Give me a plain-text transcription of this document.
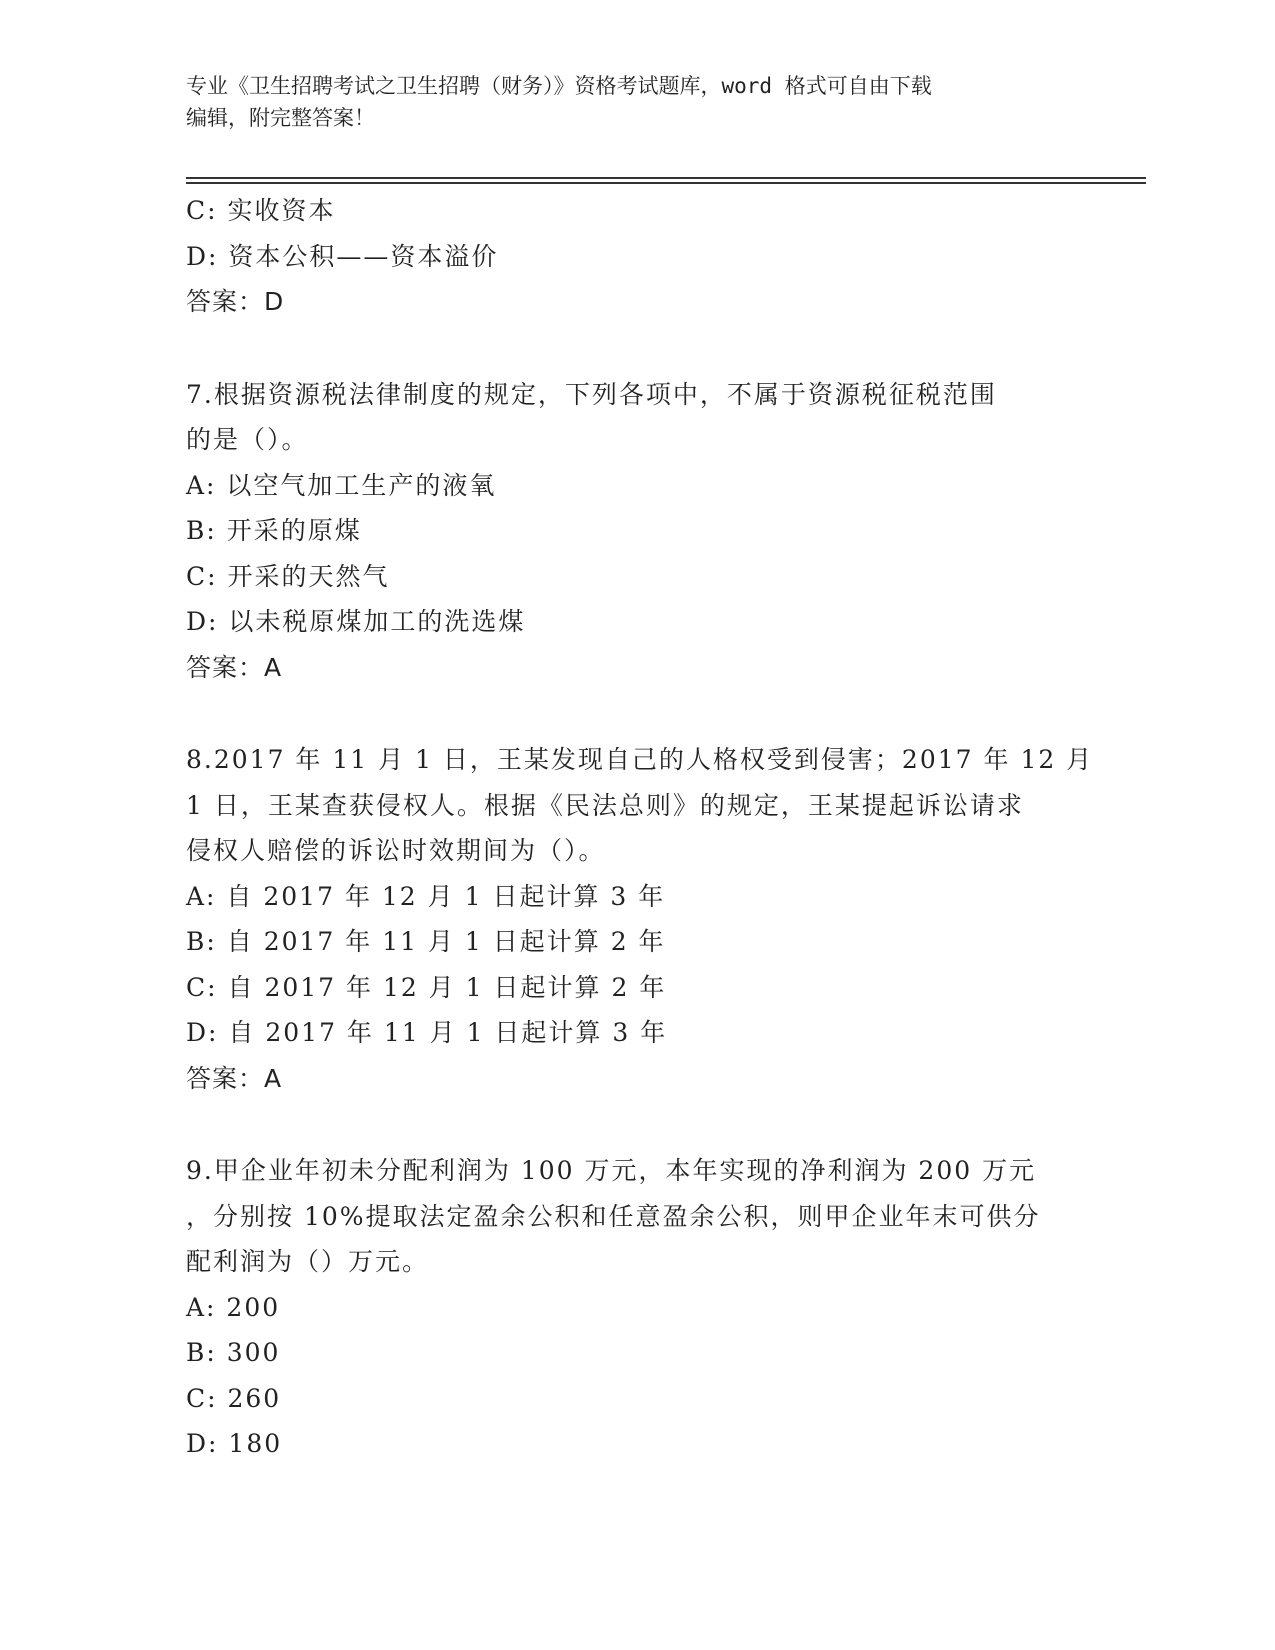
专业《卫生招聘考试之卫生招聘（财务）》资格考试题库，word 格式可自由下载
编辑，附完整答案！
C: 实收资本
D: 资本公积——资本溢价
答案：D
7.根据资源税法律制度的规定，下列各项中，不属于资源税征税范围
的是（）。
A: 以空气加工生产的液氧
B: 开采的原煤
C: 开采的天然气
D: 以未税原煤加工的洗选煤
答案：A
8.2017 年 11 月 1 日，王某发现自己的人格权受到侵害；2017 年 12 月
1 日，王某查获侵权人。根据《民法总则》的规定，王某提起诉讼请求
侵权人赔偿的诉讼时效期间为（）。
A: 自 2017 年 12 月 1 日起计算 3 年
B: 自 2017 年 11 月 1 日起计算 2 年
C: 自 2017 年 12 月 1 日起计算 2 年
D: 自 2017 年 11 月 1 日起计算 3 年
答案：A
9.甲企业年初未分配利润为 100 万元，本年实现的净利润为 200 万元
，分别按 10%提取法定盈余公积和任意盈余公积，则甲企业年末可供分
配利润为（）万元。
A: 200
B: 300
C: 260
D: 180
